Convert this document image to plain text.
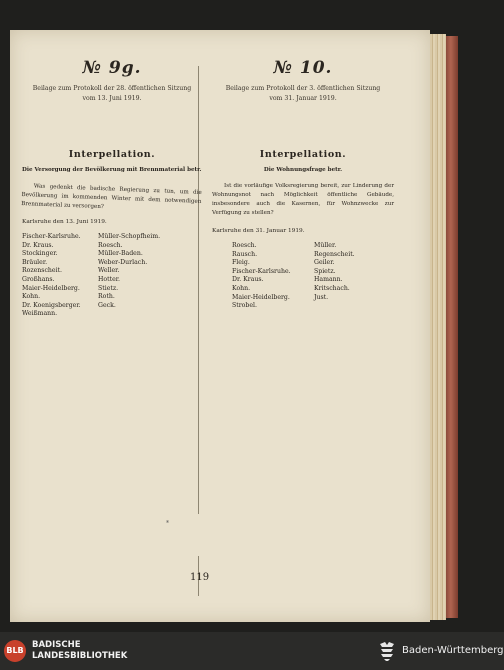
№ 9g.
Beilage zum Protokoll der 28. öffentlichen Sitzung
vom 13. Juni 1919.
Interpellation.
Die Versorgung der Bevölkerung mit Brennmaterial betr.
Was gedenkt die badische Regierung zu tun, um die Bevölkerung im kommenden Winter mit dem notwendigen Brennmaterial zu versorgen?
Karlsruhe den 13. Juni 1919.
Fischer-Karlsruhe.	Müller-Schopfheim.
Dr. Kraus.	Roesch.
Stockinger.	Müller-Baden.
Bräuler.	Weber-Durlach.
Rozenscheit.	Weller.
Großhans.	Hotter.
Maier-Heidelberg.	Stietz.
Kohn.	Roth.
Dr. Koenigsberger.	Geck.
Weißmann.
№ 10.
Beilage zum Protokoll der 3. öffentlichen Sitzung
vom 31. Januar 1919.
Interpellation.
Die Wohnungsfrage betr.
Ist die vorläufige Volksregierung bereit, zur Linderung der Wohnungsnot nach Möglichkeit öffentliche Gebäude, insbesondere auch die Kasernen, für Wohnzwecke zur Verfügung zu stellen?
Karlsruhe den 31. Januar 1919.
Roesch.	Müller.
Rausch.	Regenscheit.
Fleig.	Geiler.
Fischer-Karlsruhe.	Spietz.
Dr. Kraus.	Hamann.
Kohn.	Kritschach.
Maier-Heidelberg.	Just.
Strobel.
*
119
BLB
BADISCHE
LANDESBIBLIOTHEK	Baden-Württemberg
